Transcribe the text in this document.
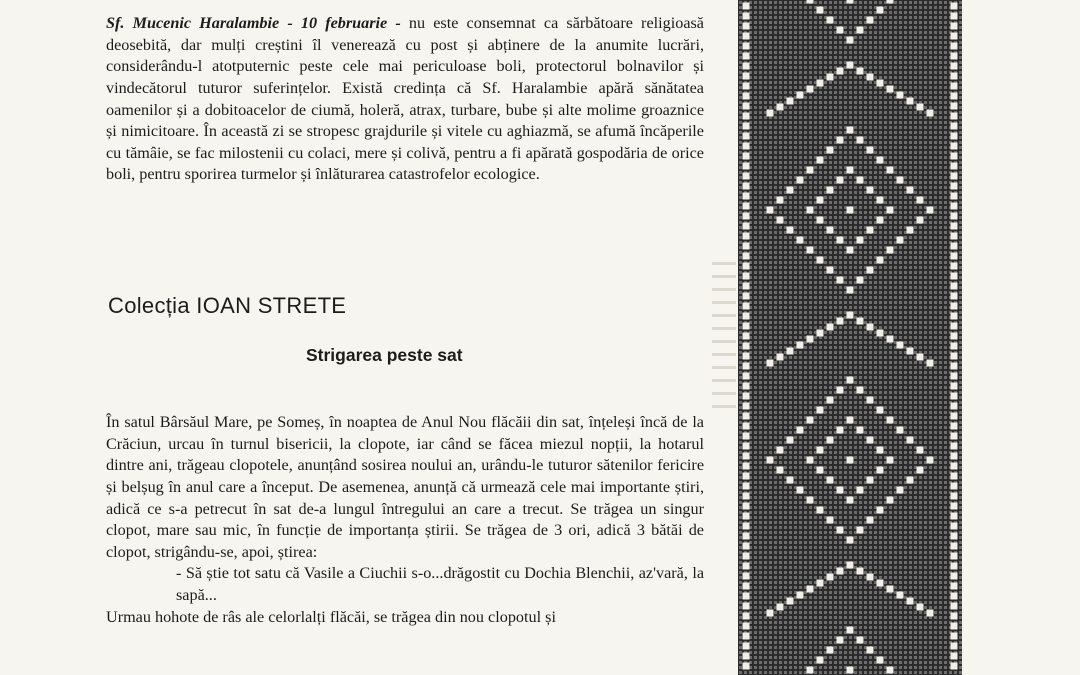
Sf. Mucenic Haralambie - 10 februarie - nu este consemnat ca sărbătoare religioasă deosebită, dar mulți creștini îl venerează cu post și abținere de la anumite lucrări, considerându-l atotputernic peste cele mai periculoase boli, protectorul bolnavilor și vindecătorul tuturor suferințelor. Există credința că Sf. Haralambie apără sănătatea oamenilor și a dobitoacelor de ciumă, holeră, atrax, turbare, bube și alte molime groaznice și nimicitoare. În această zi se stropesc grajdurile și vitele cu aghiazmă, se afumă încăperile cu tămâie, se fac milostenii cu colaci, mere și colivă, pentru a fi apărată gospodăria de orice boli, pentru sporirea turmelor și înlăturarea catastrofelor ecologice.

Colecția IOAN STRETE
Strigarea peste sat

În satul Bârsăul Mare, pe Someș, în noaptea de Anul Nou flăcăii din sat, înțeleși încă de la Crăciun, urcau în turnul bisericii, la clopote, iar când se făcea miezul nopții, la hotarul dintre ani, trăgeau clopotele, anunțând sosirea noului an, urându-le tuturor sătenilor fericire și belșug în anul care a început. De asemenea, anunță că urmează cele mai importante știri, adică ce s-a petrecut în sat de-a lungul întregului an care a trecut. Se trăgea un singur clopot, mare sau mic, în funcție de importanța știrii. Se trăgea de 3 ori, adică 3 bătăi de clopot, strigându-se, apoi, știrea:
- Să știe tot satu că Vasile a Ciuchii s-o...drăgostit cu Dochia Blenchii, az'vară, la sapă...
Urmau hohote de râs ale celorlalți flăcăi, se trăgea din nou clopotul și
